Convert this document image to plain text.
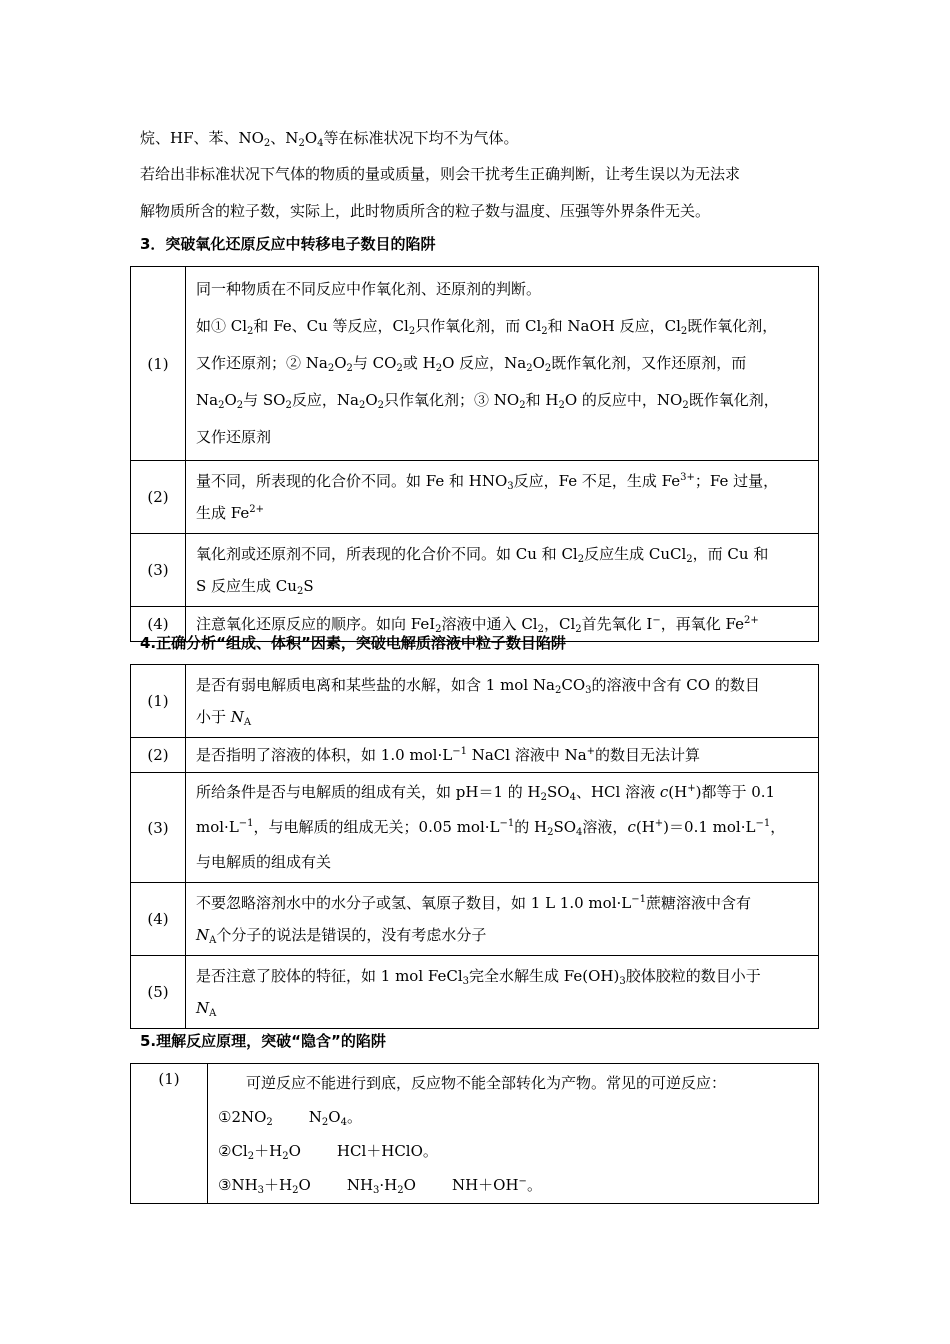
烷、HF、苯、$NO_2$、$N_2O_4$等在标准状况下均不为气体。
若给出非标准状况下气体的物质的量或质量，则会干扰考生正确判断，让考生误以为无法求
解物质所含的粒子数，实际上，此时物质所含的粒子数与温度、压强等外界条件无关。
3．突破氧化还原反应中转移电子数目的陷阱
(1)	同一种物质在不同反应中作氧化剂、还原剂的判断。
如① $Cl_2$和 Fe、Cu 等反应，$Cl_2$只作氧化剂，而 $Cl_2$和 NaOH 反应，$Cl_2$既作氧化剂，
又作还原剂；② $Na_2O_2$与 $CO_2$或 $H_2O$ 反应，$Na_2O_2$既作氧化剂，又作还原剂，而
$Na_2O_2$与 $SO_2$反应，$Na_2O_2$只作氧化剂；③ $NO_2$和 $H_2O$ 的反应中，$NO_2$既作氧化剂，
又作还原剂

(2)	量不同，所表现的化合价不同。如 Fe 和 $HNO_3$反应，Fe 不足，生成 $Fe^{3+}$；Fe 过量，
生成 $Fe^{2+}$

(3)	氧化剂或还原剂不同，所表现的化合价不同。如 Cu 和 $Cl_2$反应生成 CuCl$_2$，而 Cu 和
S 反应生成 $Cu_2S$

(4)	注意氧化还原反应的顺序。如向 FeI$_2$溶液中通入 $Cl_2$，$Cl_2$首先氧化 I−，再氧化 $Fe^{2+}$
4.正确分析“组成、体积”因素，突破电解质溶液中粒子数目陷阱
(1)	是否有弱电解质电离和某些盐的水解，如含 1 mol $Na_2CO_3$的溶液中含有 CO 的数目
小于 $N_A$

(2)	是否指明了溶液的体积，如 1.0 $mol\cdot L^{-1}$ NaCl 溶液中 Na+的数目无法计算

(3)	所给条件是否与电解质的组成有关，如 pH＝1 的 $H_2SO_4$、HCl 溶液 c(H+)都等于 0.1
$mol\cdot L^{-1}$，与电解质的组成无关；0.05 $mol\cdot L^{-1}$的 $H_2SO_4$溶液，c(H+)＝0.1 $mol\cdot L^{-1}$，
与电解质的组成有关

(4)	不要忽略溶剂水中的水分子或氢、氧原子数目，如 1 L 1.0 $mol\cdot L^{-1}$蔗糖溶液中含有
$N_A$个分子的说法是错误的，没有考虑水分子

(5)	是否注意了胶体的特征，如 1 mol FeCl$_3$完全水解生成 $Fe(OH)_3$胶体胶粒的数目小于
$N_A$
5.理解反应原理，突破“隐含”的陷阱
(1)	可逆反应不能进行到底，反应物不能全部转化为产物。常见的可逆反应：
$①2NO_2$ $N_2O_4$。
$②Cl_2+H_2O$ HCl＋HClO。
$③NH_3+H_2O$ $NH_3\cdot H_2O$ NH＋OH−。
